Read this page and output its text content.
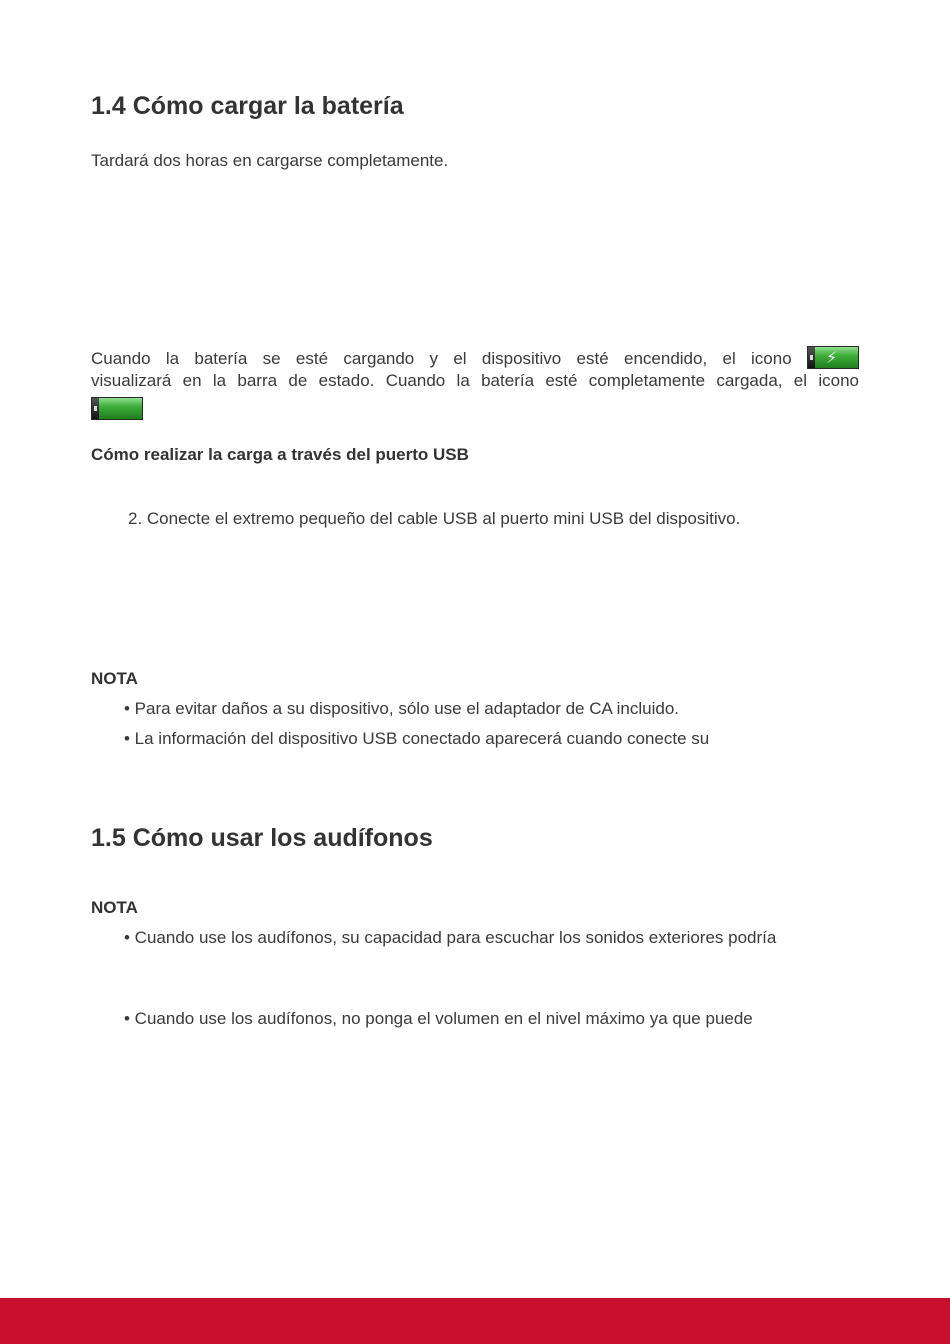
1.4 Cómo cargar la batería

Tardará dos horas en cargarse completamente.

Cuando la batería se esté cargando y el dispositivo esté encendido, el icono ⚡

visualizará en la barra de estado. Cuando la batería esté completamente cargada, el icono

Cómo realizar la carga a través del puerto USB

2. Conecte el extremo pequeño del cable USB al puerto mini USB del dispositivo.

NOTA

• Para evitar daños a su dispositivo, sólo use el adaptador de CA incluido.

• La información del dispositivo USB conectado aparecerá cuando conecte su

1.5 Cómo usar los audífonos

NOTA

• Cuando use los audífonos, su capacidad para escuchar los sonidos exteriores podría

• Cuando use los audífonos, no ponga el volumen en el nivel máximo ya que puede
